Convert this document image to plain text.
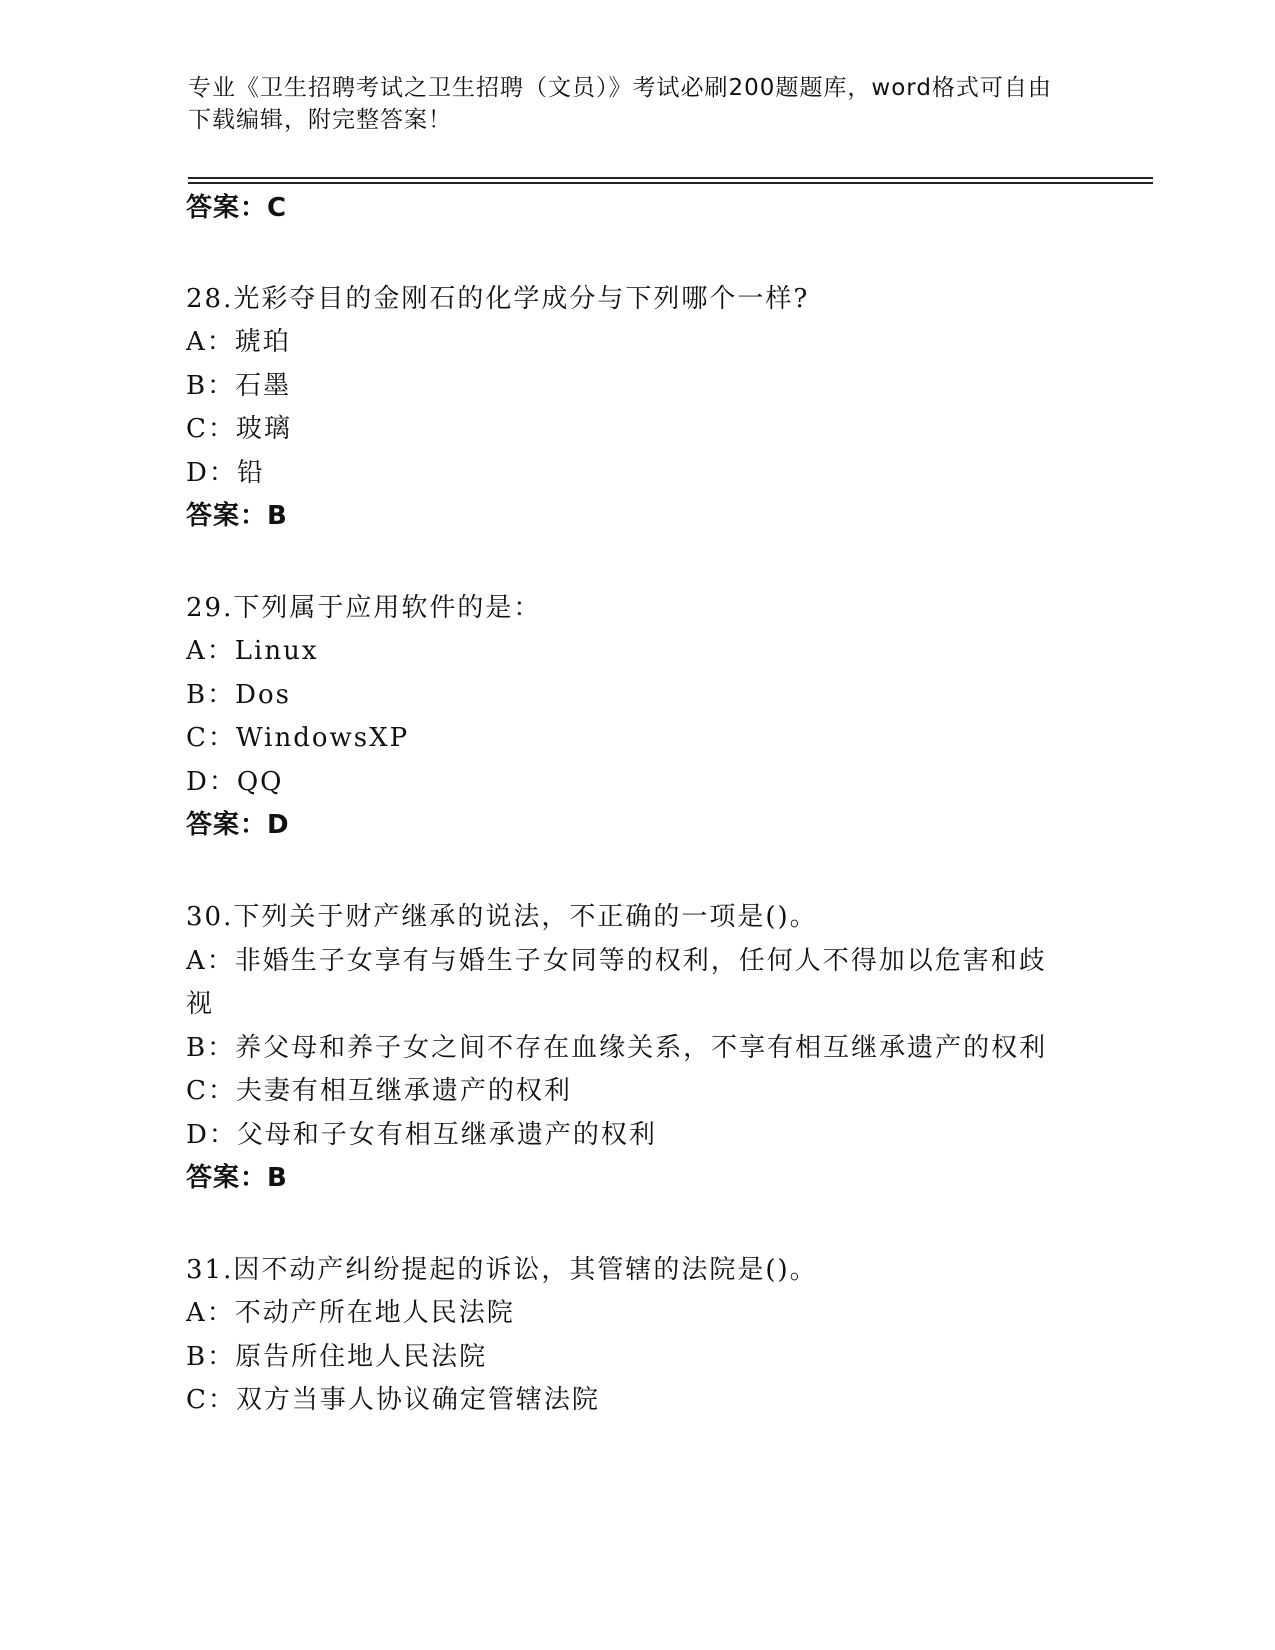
专业《卫生招聘考试之卫生招聘（文员）》考试必刷200题题库，word格式可自由下载编辑，附完整答案！
答案：C
28.光彩夺目的金刚石的化学成分与下列哪个一样?
A：琥珀
B：石墨
C：玻璃
D：铅
答案：B
29.下列属于应用软件的是：
A：Linux
B：Dos
C：WindowsXP
D：QQ
答案：D
30.下列关于财产继承的说法，不正确的一项是()。
A：非婚生子女享有与婚生子女同等的权利，任何人不得加以危害和歧
视
B：养父母和养子女之间不存在血缘关系，不享有相互继承遗产的权利
C：夫妻有相互继承遗产的权利
D：父母和子女有相互继承遗产的权利
答案：B
31.因不动产纠纷提起的诉讼，其管辖的法院是()。
A：不动产所在地人民法院
B：原告所住地人民法院
C：双方当事人协议确定管辖法院
